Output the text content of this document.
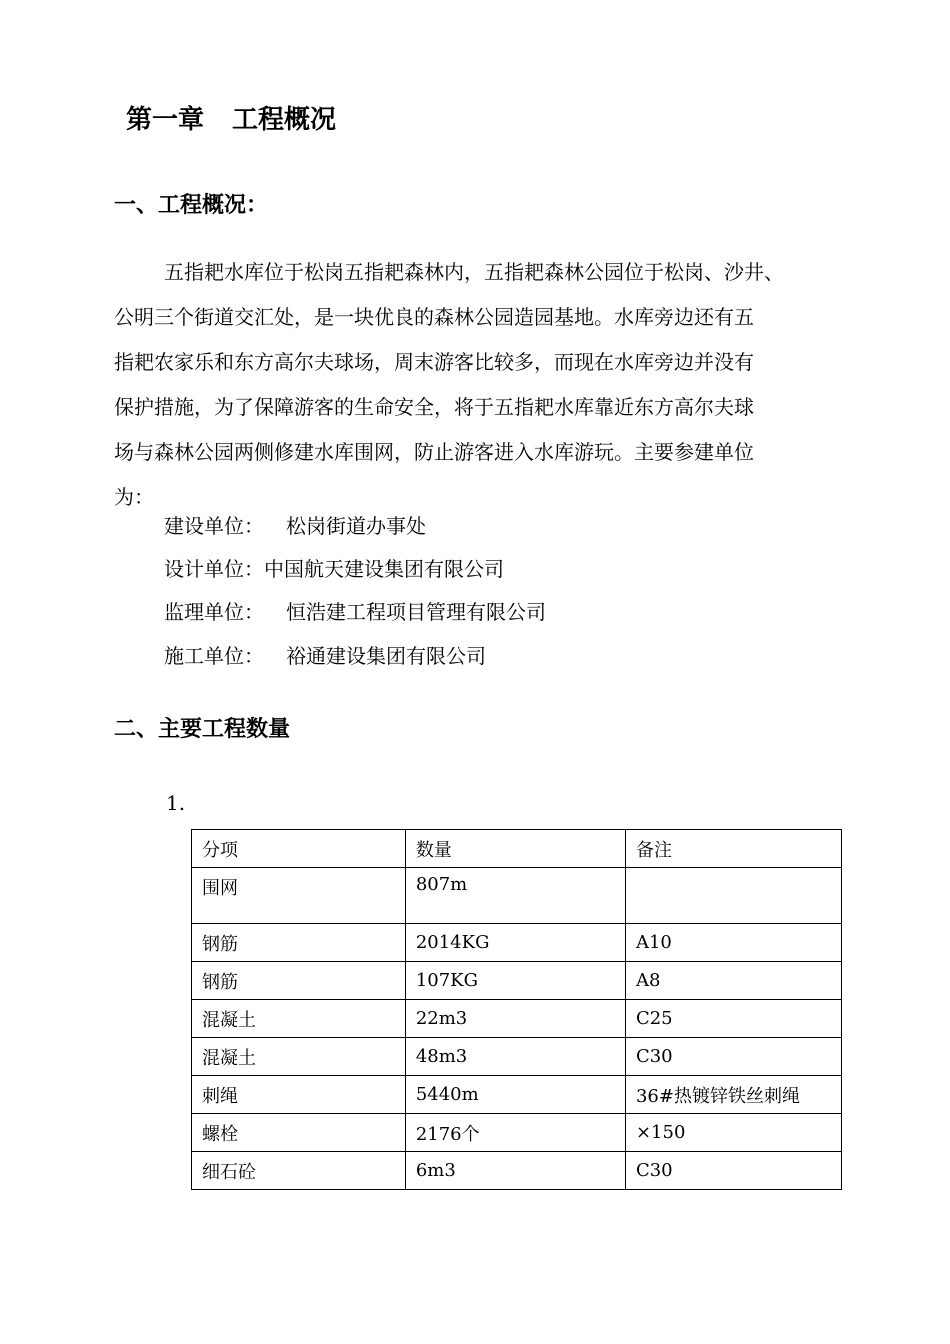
第一章 工程概况
一、工程概况：
五指耙水库位于松岗五指耙森林内，五指耙森林公园位于松岗、沙井、
公明三个街道交汇处，是一块优良的森林公园造园基地。水库旁边还有五
指耙农家乐和东方高尔夫球场，周末游客比较多，而现在水库旁边并没有
保护措施，为了保障游客的生命安全，将于五指耙水库靠近东方高尔夫球
场与森林公园两侧修建水库围网，防止游客进入水库游玩。主要参建单位
为：
建设单位： 松岗街道办事处
设计单位：中国航天建设集团有限公司
监理单位： 恒浩建工程项目管理有限公司
施工单位： 裕通建设集团有限公司
二、主要工程数量
1.
分项	数量	备注
围网	807m	
钢筋	2014KG	A10
钢筋	107KG	A8
混凝土	22m3	C25
混凝土	48m3	C30
刺绳	5440m	36#热镀锌铁丝刺绳
螺栓	2176个	×150
细石砼	6m3	C30
